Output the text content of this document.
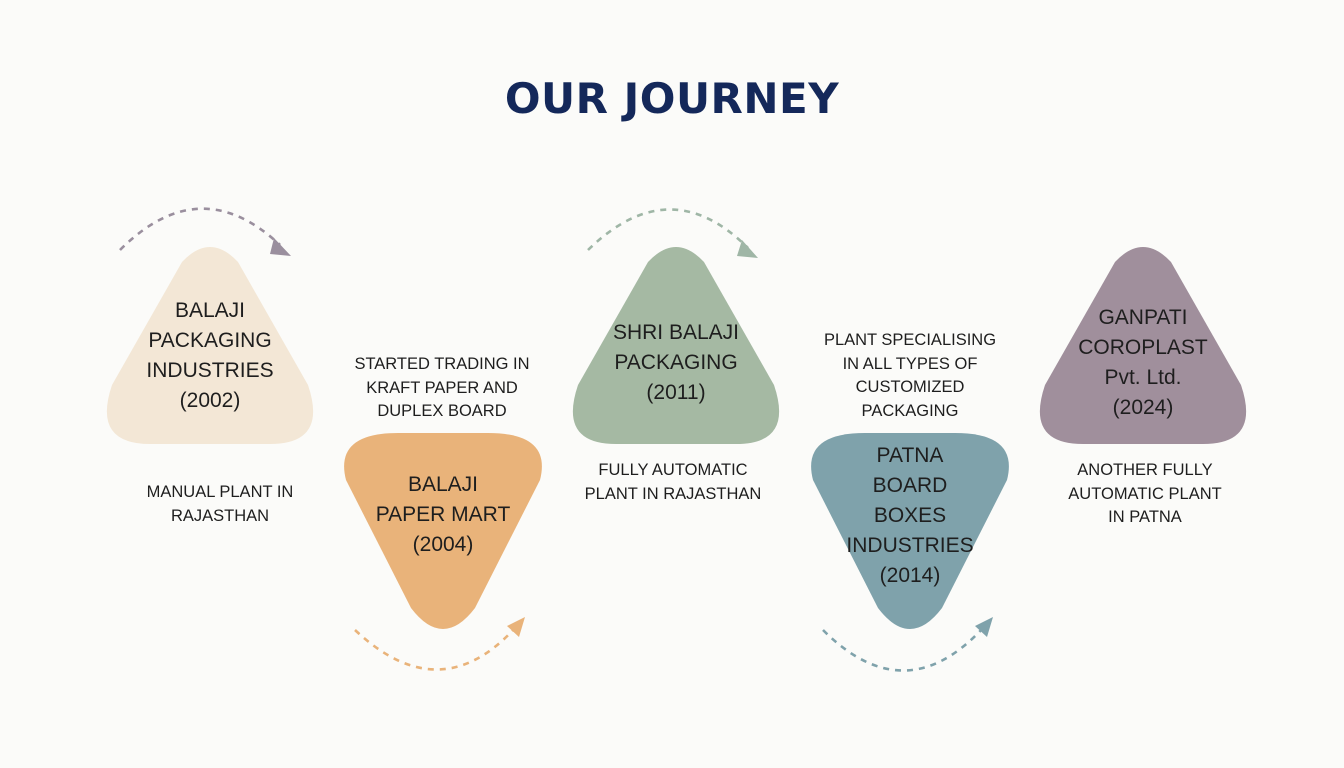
OUR JOURNEY
BALAJI
PACKAGING
INDUSTRIES
(2002)
MANUAL PLANT IN
RAJASTHAN
STARTED TRADING IN
KRAFT PAPER AND
DUPLEX BOARD
BALAJI
PAPER MART
(2004)
SHRI BALAJI
PACKAGING
(2011)
FULLY AUTOMATIC
PLANT IN RAJASTHAN
PLANT SPECIALISING
IN ALL TYPES OF
CUSTOMIZED
PACKAGING
PATNA
BOARD
BOXES
INDUSTRIES
(2014)
GANPATI
COROPLAST
Pvt. Ltd.
(2024)
ANOTHER FULLY
AUTOMATIC PLANT
IN PATNA
